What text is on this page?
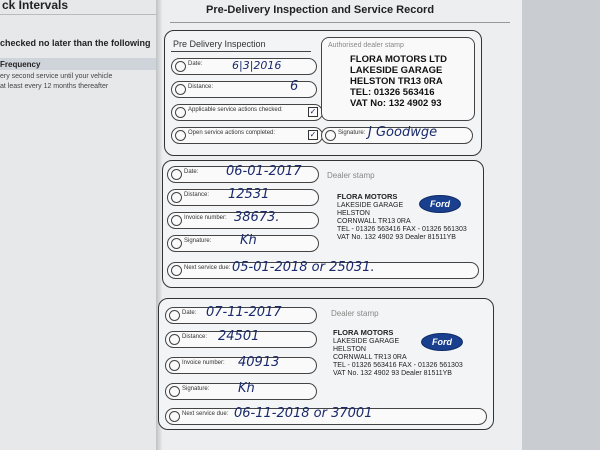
ck Intervals
checked no later than the following
Frequency
ery second service until your vehicle
at least every 12 months thereafter
Pre-Delivery Inspection and Service Record
Pre Delivery Inspection
Date:	6|3|2016
Distance:	6
Applicable service actions checked:	✓
Open service actions completed:	✓
Authorised dealer stamp
FLORA MOTORS LTD
LAKESIDE GARAGE
HELSTON TR13 0RA
TEL: 01326 563416
VAT No: 132 4902 93
Signature: J Goodwge
Date: 06-01-2017
Distance: 12531
Invoice number: 38673.
Signature: Kh
Next service due: 05-01-2018 or 25031.
Dealer stamp
FLORA MOTORS
LAKESIDE GARAGE
HELSTON
CORNWALL TR13 0RA
TEL - 01326 563416 FAX - 01326 561303
VAT No. 132 4902 93 Dealer 81511YB
Ford
Date: 07-11-2017
Distance: 24501
Invoice number: 40913
Signature: Kh
Next service due: 06-11-2018 or 37001
Dealer stamp
FLORA MOTORS
LAKESIDE GARAGE
HELSTON
CORNWALL TR13 0RA
TEL - 01326 563416 FAX - 01326 561303
VAT No. 132 4902 93 Dealer 81511YB
Ford
